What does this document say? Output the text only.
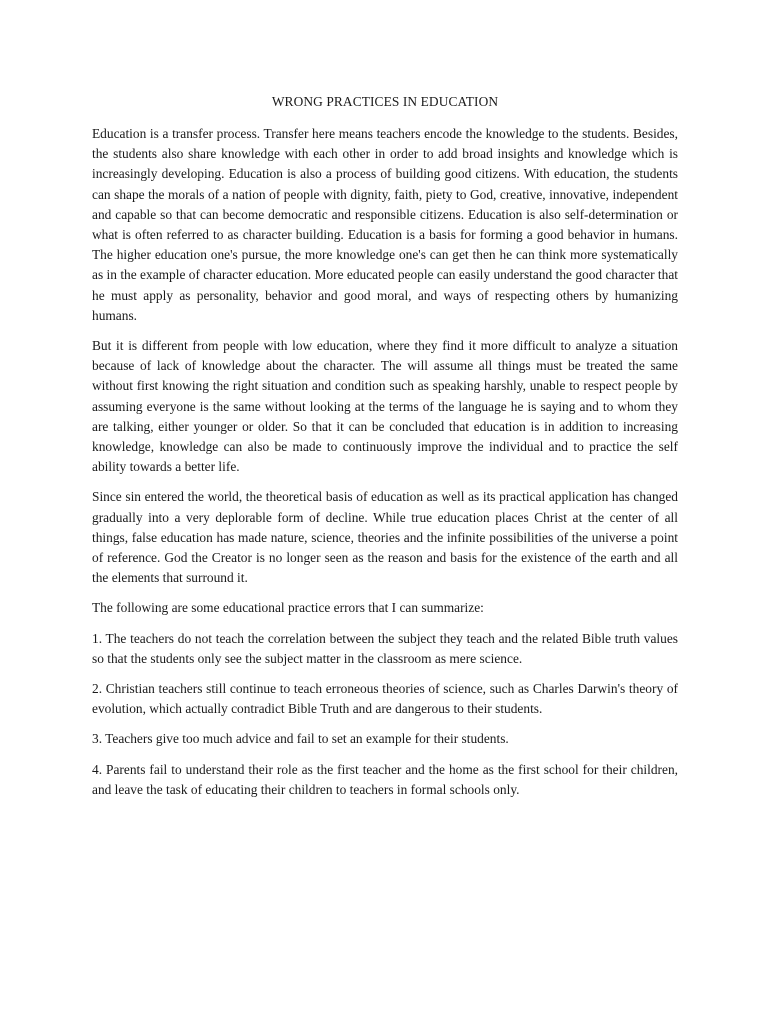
WRONG PRACTICES IN EDUCATION

Education is a transfer process. Transfer here means teachers encode the knowledge to the students. Besides, the students also share knowledge with each other in order to add broad insights and knowledge which is increasingly developing. Education is also a process of building good citizens. With education, the students can shape the morals of a nation of people with dignity, faith, piety to God, creative, innovative, independent and capable so that can become democratic and responsible citizens. Education is also self-determination or what is often referred to as character building. Education is a basis for forming a good behavior in humans. The higher education one's pursue, the more knowledge one's can get then he can think more systematically as in the example of character education. More educated people can easily understand the good character that he must apply as personality, behavior and good moral, and ways of respecting others by humanizing humans.

But it is different from people with low education, where they find it more difficult to analyze a situation because of lack of knowledge about the character. The will assume all things must be treated the same without first knowing the right situation and condition such as speaking harshly, unable to respect people by assuming everyone is the same without looking at the terms of the language he is saying and to whom they are talking, either younger or older. So that it can be concluded that education is in addition to increasing knowledge, knowledge can also be made to continuously improve the individual and to practice the self ability towards a better life.

Since sin entered the world, the theoretical basis of education as well as its practical application has changed gradually into a very deplorable form of decline. While true education places Christ at the center of all things, false education has made nature, science, theories and the infinite possibilities of the universe a point of reference. God the Creator is no longer seen as the reason and basis for the existence of the earth and all the elements that surround it.

The following are some educational practice errors that I can summarize:

1. The teachers do not teach the correlation between the subject they teach and the related Bible truth values so that the students only see the subject matter in the classroom as mere science.

2. Christian teachers still continue to teach erroneous theories of science, such as Charles Darwin's theory of evolution, which actually contradict Bible Truth and are dangerous to their students.

3. Teachers give too much advice and fail to set an example for their students.

4. Parents fail to understand their role as the first teacher and the home as the first school for their children, and leave the task of educating their children to teachers in formal schools only.
